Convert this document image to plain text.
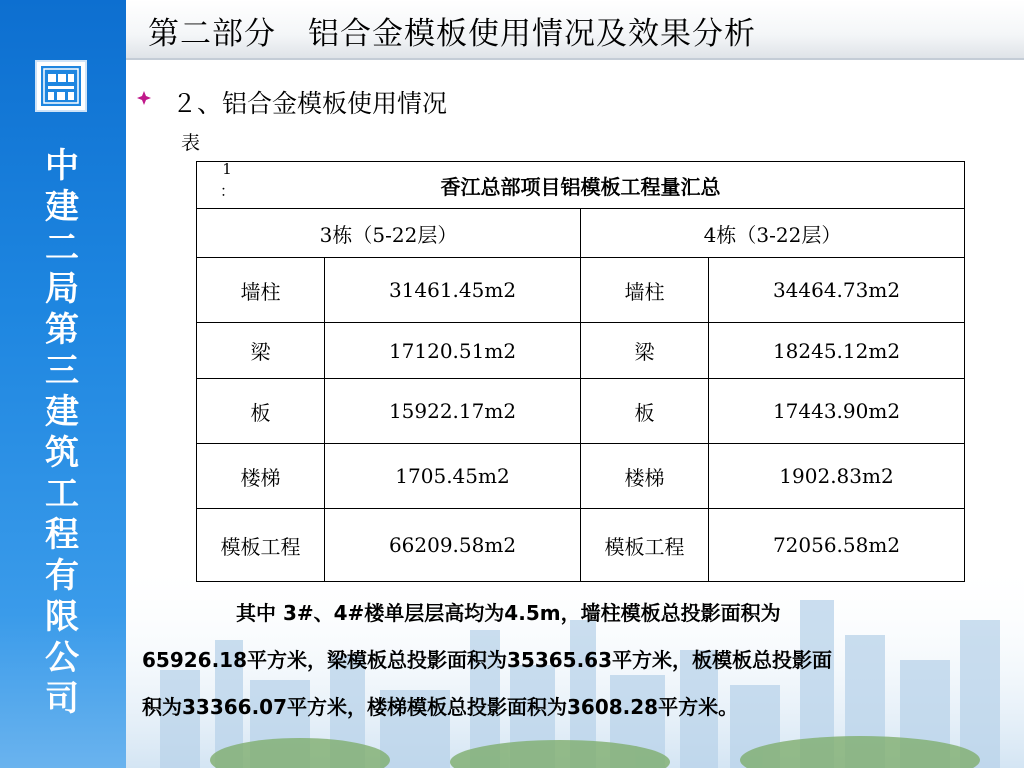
中
建
二
局
第
三
建
筑
工
程
有
限
公
司
第二部分　铝合金模板使用情况及效果分析
２、铝合金模板使用情况
表
香江总部项目铝模板工程量汇总			
3栋（5-22层）		4栋（3-22层）	
墙柱	31461.45m2	墙柱	34464.73m2
梁	17120.51m2	梁	18245.12m2
板	15922.17m2	板	17443.90m2
楼梯	1705.45m2	楼梯	1902.83m2
模板工程	66209.58m2	模板工程	72056.58m2
1
：

其中 3#、4#楼单层层高均为4.5m，墙柱模板总投影面积为

65926.18平方米，梁模板总投影面积为35365.63平方米，板模板总投影面

积为33366.07平方米，楼梯模板总投影面积为3608.28平方米。
